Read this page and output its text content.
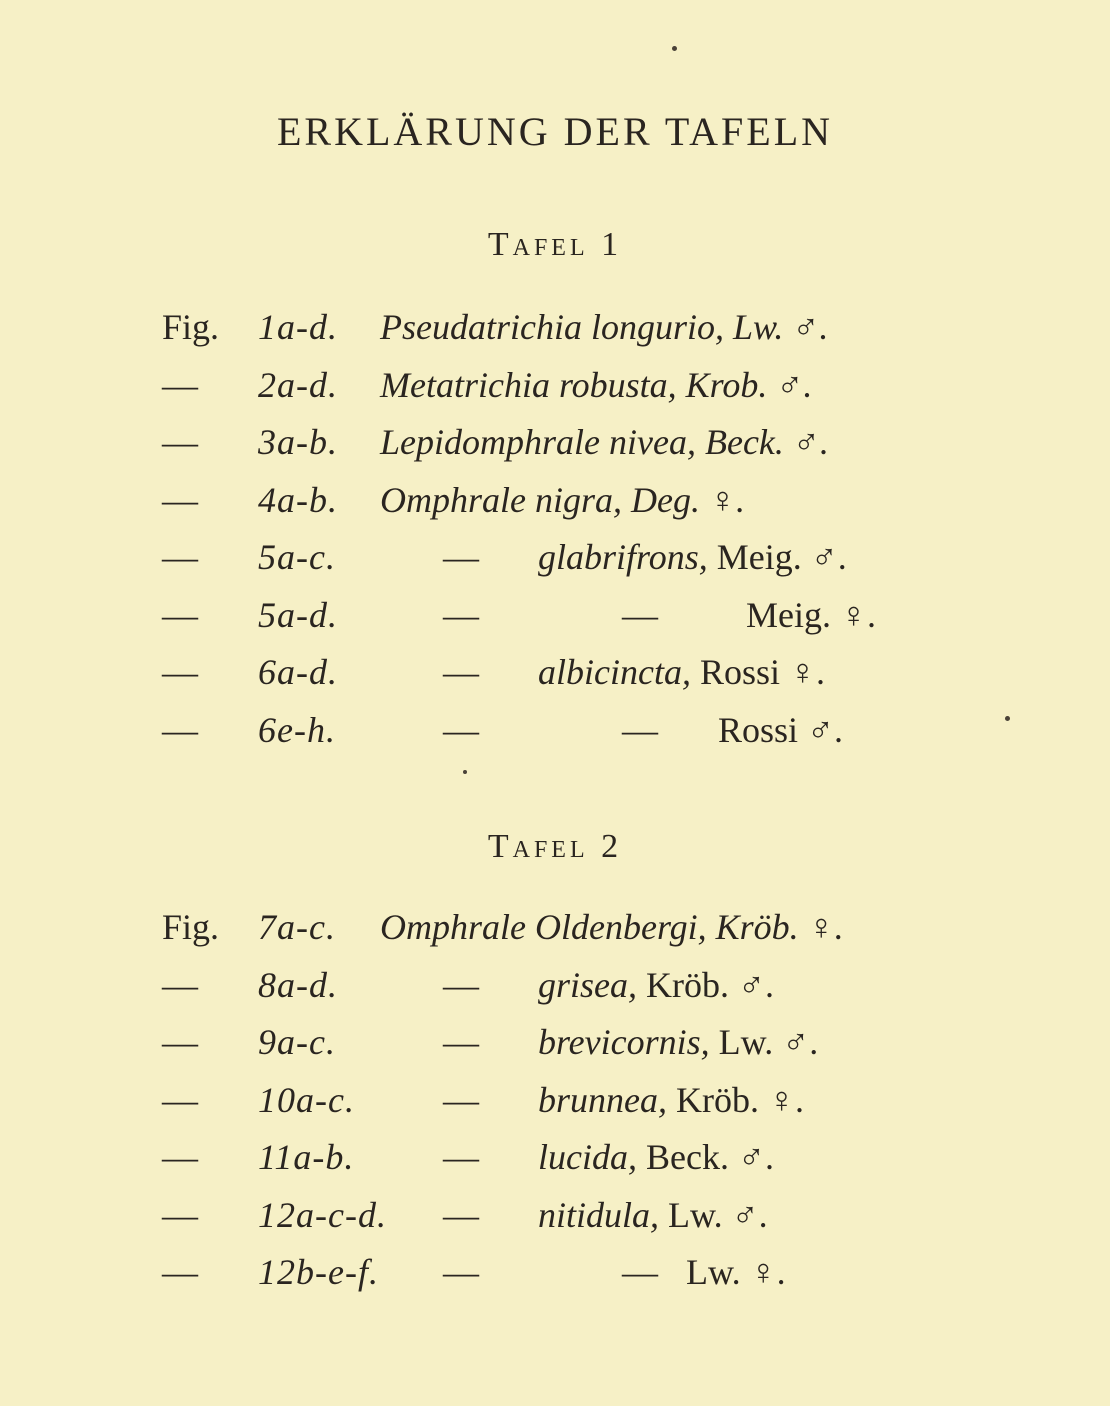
ERKLÄRUNG DER TAFELN
Tafel 1
Fig. 1a-d. Pseudatrichia longurio, Lw. ♂.
— 2a-d. Metatrichia robusta, Krob. ♂.
— 3a-b. Lepidomphrale nivea, Beck. ♂.
— 4a-b. Omphrale nigra, Deg. ♀.
— 5a-c.	— glabrifrons, Meig. ♂.
— 5a-d.	—	— Meig. ♀.
— 6a-d.	— albicincta, Rossi ♀.
— 6e-h.	—	— Rossi ♂.
Tafel 2
Fig. 7a-c. Omphrale Oldenbergi, Kröb. ♀.
— 8a-d.	— grisea, Kröb. ♂.
— 9a-c.	— brevicornis, Lw. ♂.
— 10a-c. — brunnea, Kröb. ♀.
— 11a-b. — lucida, Beck. ♂.
— 12a-c-d. — nitidula, Lw. ♂.
— 12b-e-f. —	— Lw. ♀.
